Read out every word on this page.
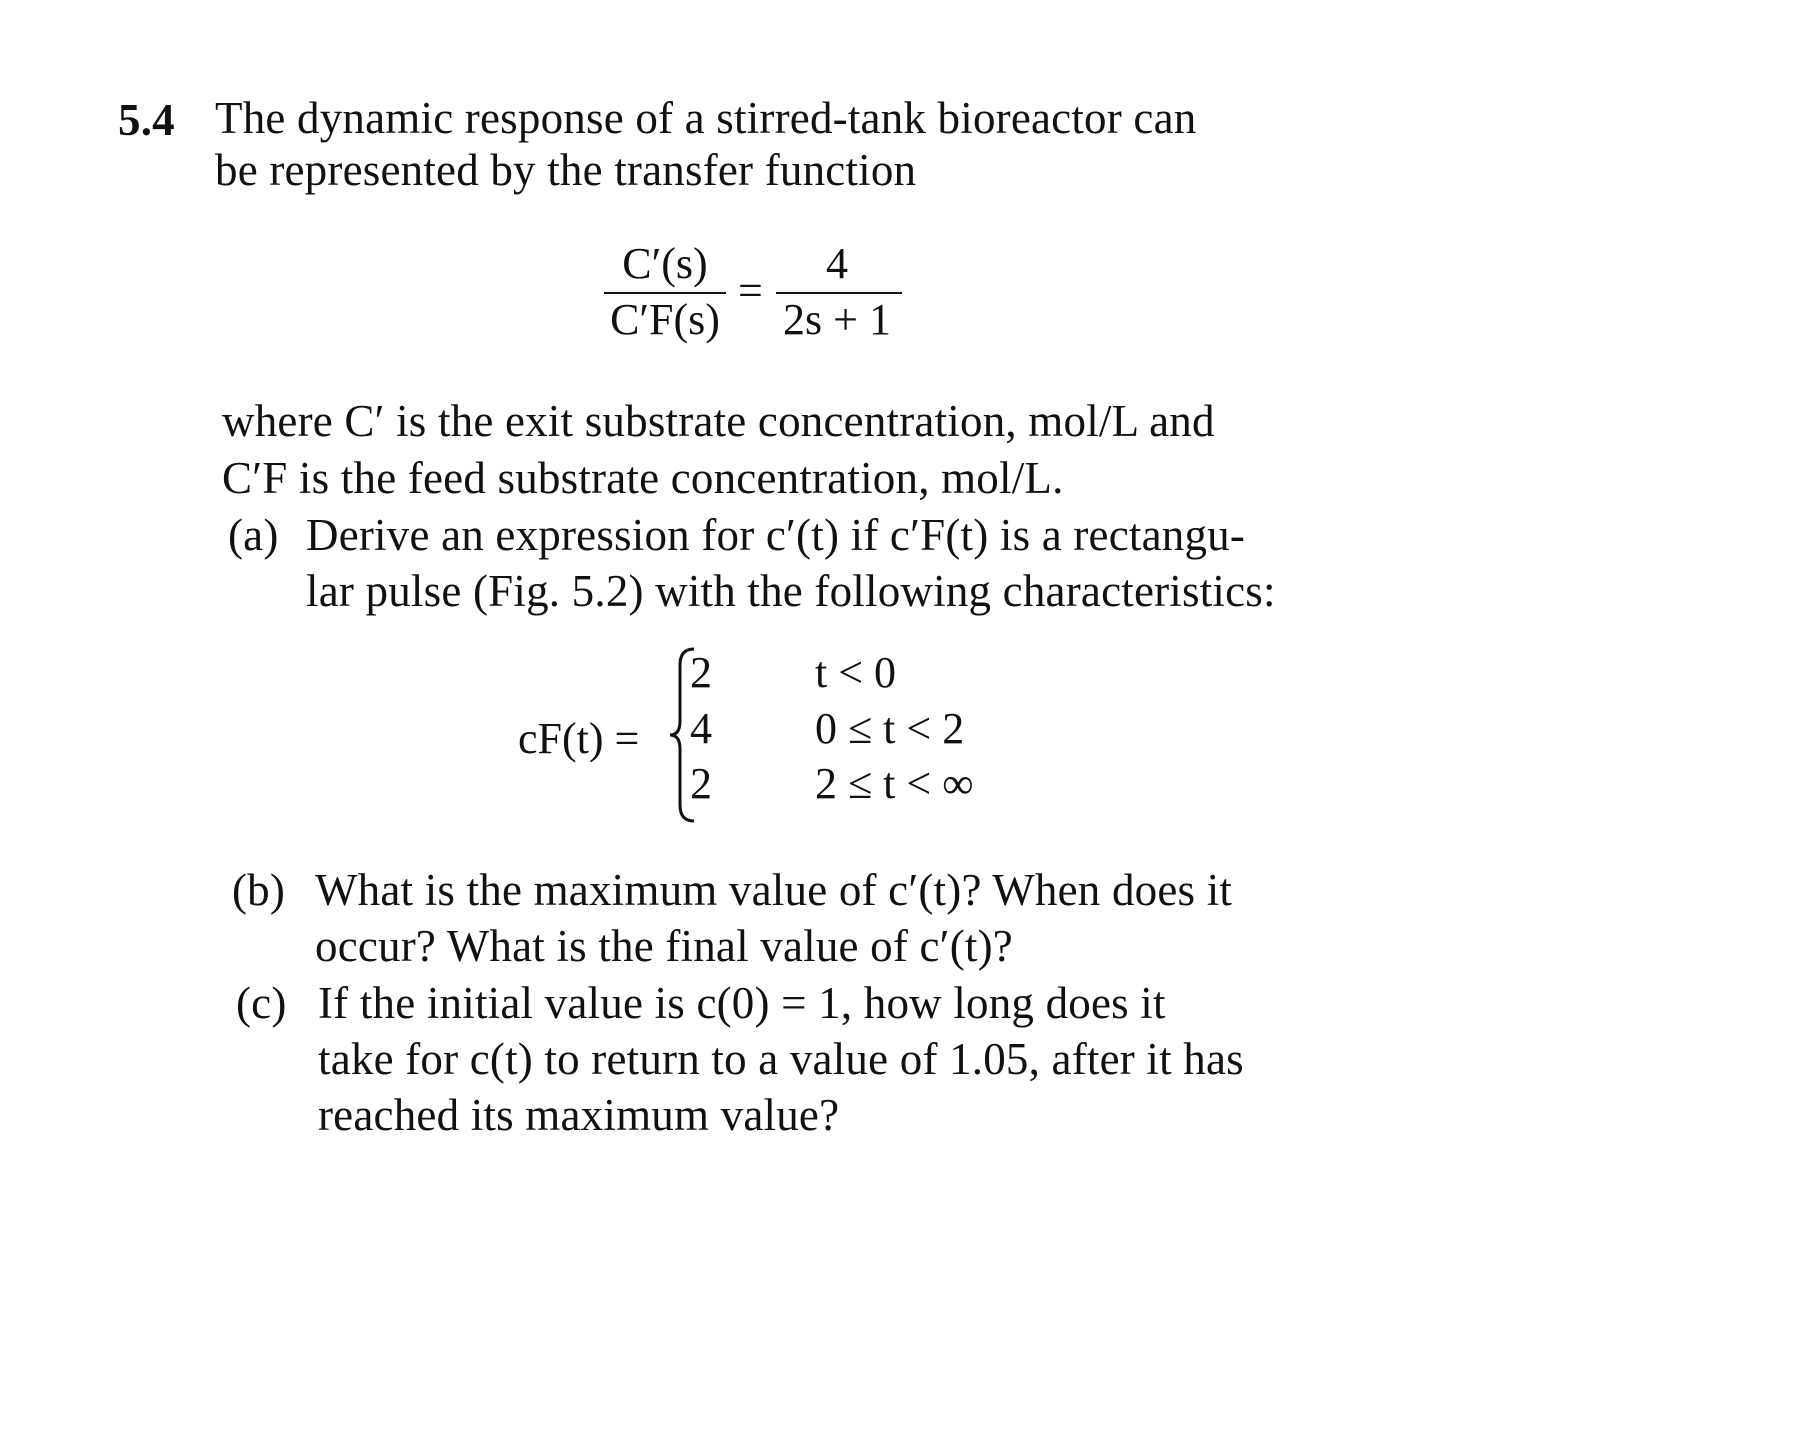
5.4 The dynamic response of a stirred-tank bioreactor can
be represented by the transfer function
C′(s)
C′F(s)
=
4
2s + 1
where C′ is the exit substrate concentration, mol/L and
C′F is the feed substrate concentration, mol/L.
(a) Derive an expression for c′(t) if c′F(t) is a rectangu-
lar pulse (Fig. 5.2) with the following characteristics:
cF(t) =
2 t < 0
4 0 ≤ t < 2
2 2 ≤ t < ∞
(b) What is the maximum value of c′(t)? When does it
occur? What is the final value of c′(t)?
(c) If the initial value is c(0) = 1, how long does it
take for c(t) to return to a value of 1.05, after it has
reached its maximum value?
